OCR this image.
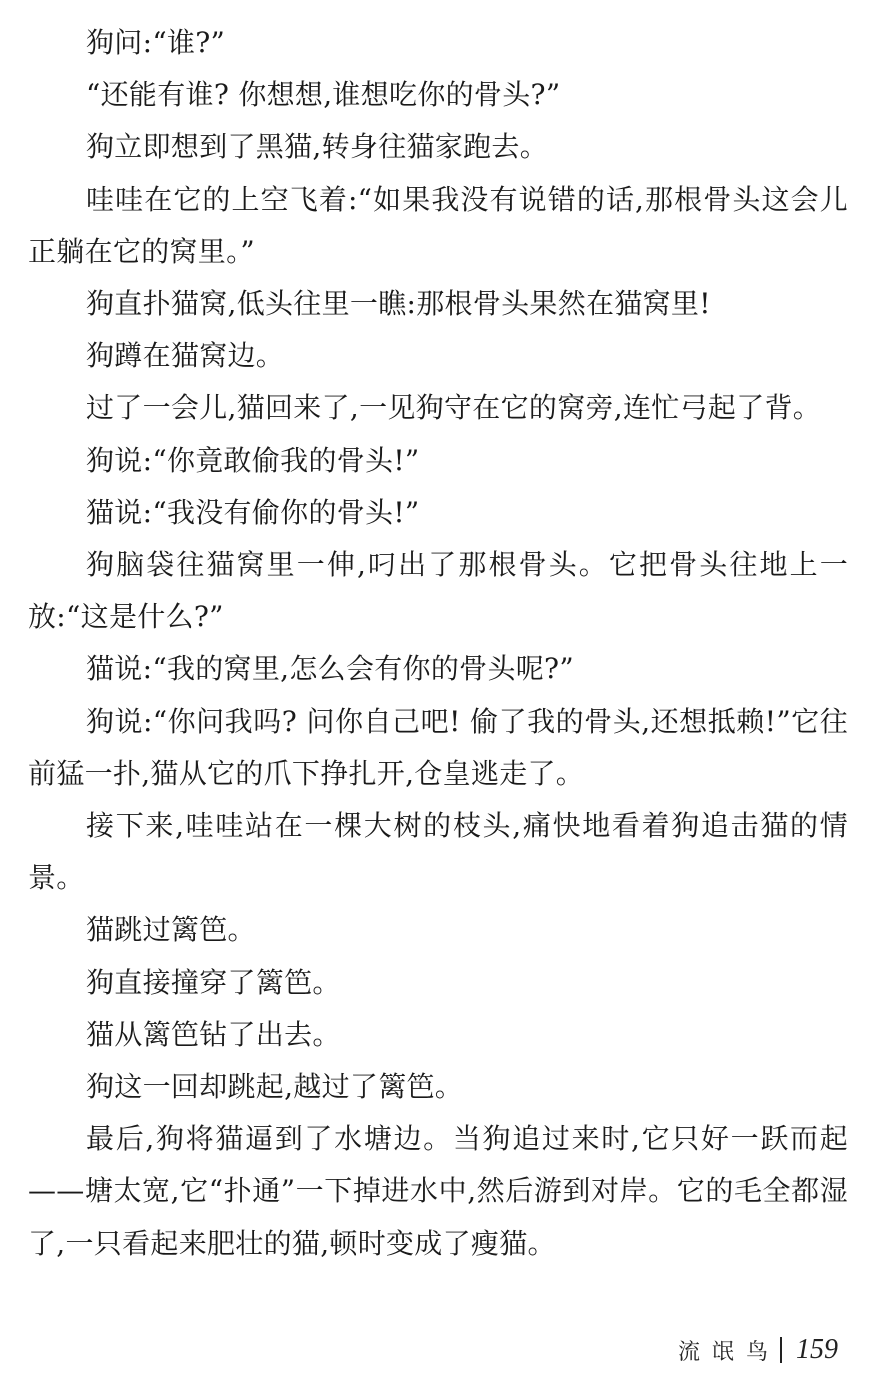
狗问:“谁?”

“还能有谁? 你想想,谁想吃你的骨头?”

狗立即想到了黑猫,转身往猫家跑去。

哇哇在它的上空飞着:“如果我没有说错的话,那根骨头这会儿正躺在它的窝里。”

狗直扑猫窝,低头往里一瞧:那根骨头果然在猫窝里!

狗蹲在猫窝边。

过了一会儿,猫回来了,一见狗守在它的窝旁,连忙弓起了背。

狗说:“你竟敢偷我的骨头!”

猫说:“我没有偷你的骨头!”

狗脑袋往猫窝里一伸,叼出了那根骨头。它把骨头往地上一放:“这是什么?”

猫说:“我的窝里,怎么会有你的骨头呢?”

狗说:“你问我吗? 问你自己吧! 偷了我的骨头,还想抵赖!”它往前猛一扑,猫从它的爪下挣扎开,仓皇逃走了。

接下来,哇哇站在一棵大树的枝头,痛快地看着狗追击猫的情景。

猫跳过篱笆。

狗直接撞穿了篱笆。

猫从篱笆钻了出去。

狗这一回却跳起,越过了篱笆。

最后,狗将猫逼到了水塘边。当狗追过来时,它只好一跃而起——塘太宽,它“扑通”一下掉进水中,然后游到对岸。它的毛全都湿了,一只看起来肥壮的猫,顿时变成了瘦猫。

流氓鸟 159
